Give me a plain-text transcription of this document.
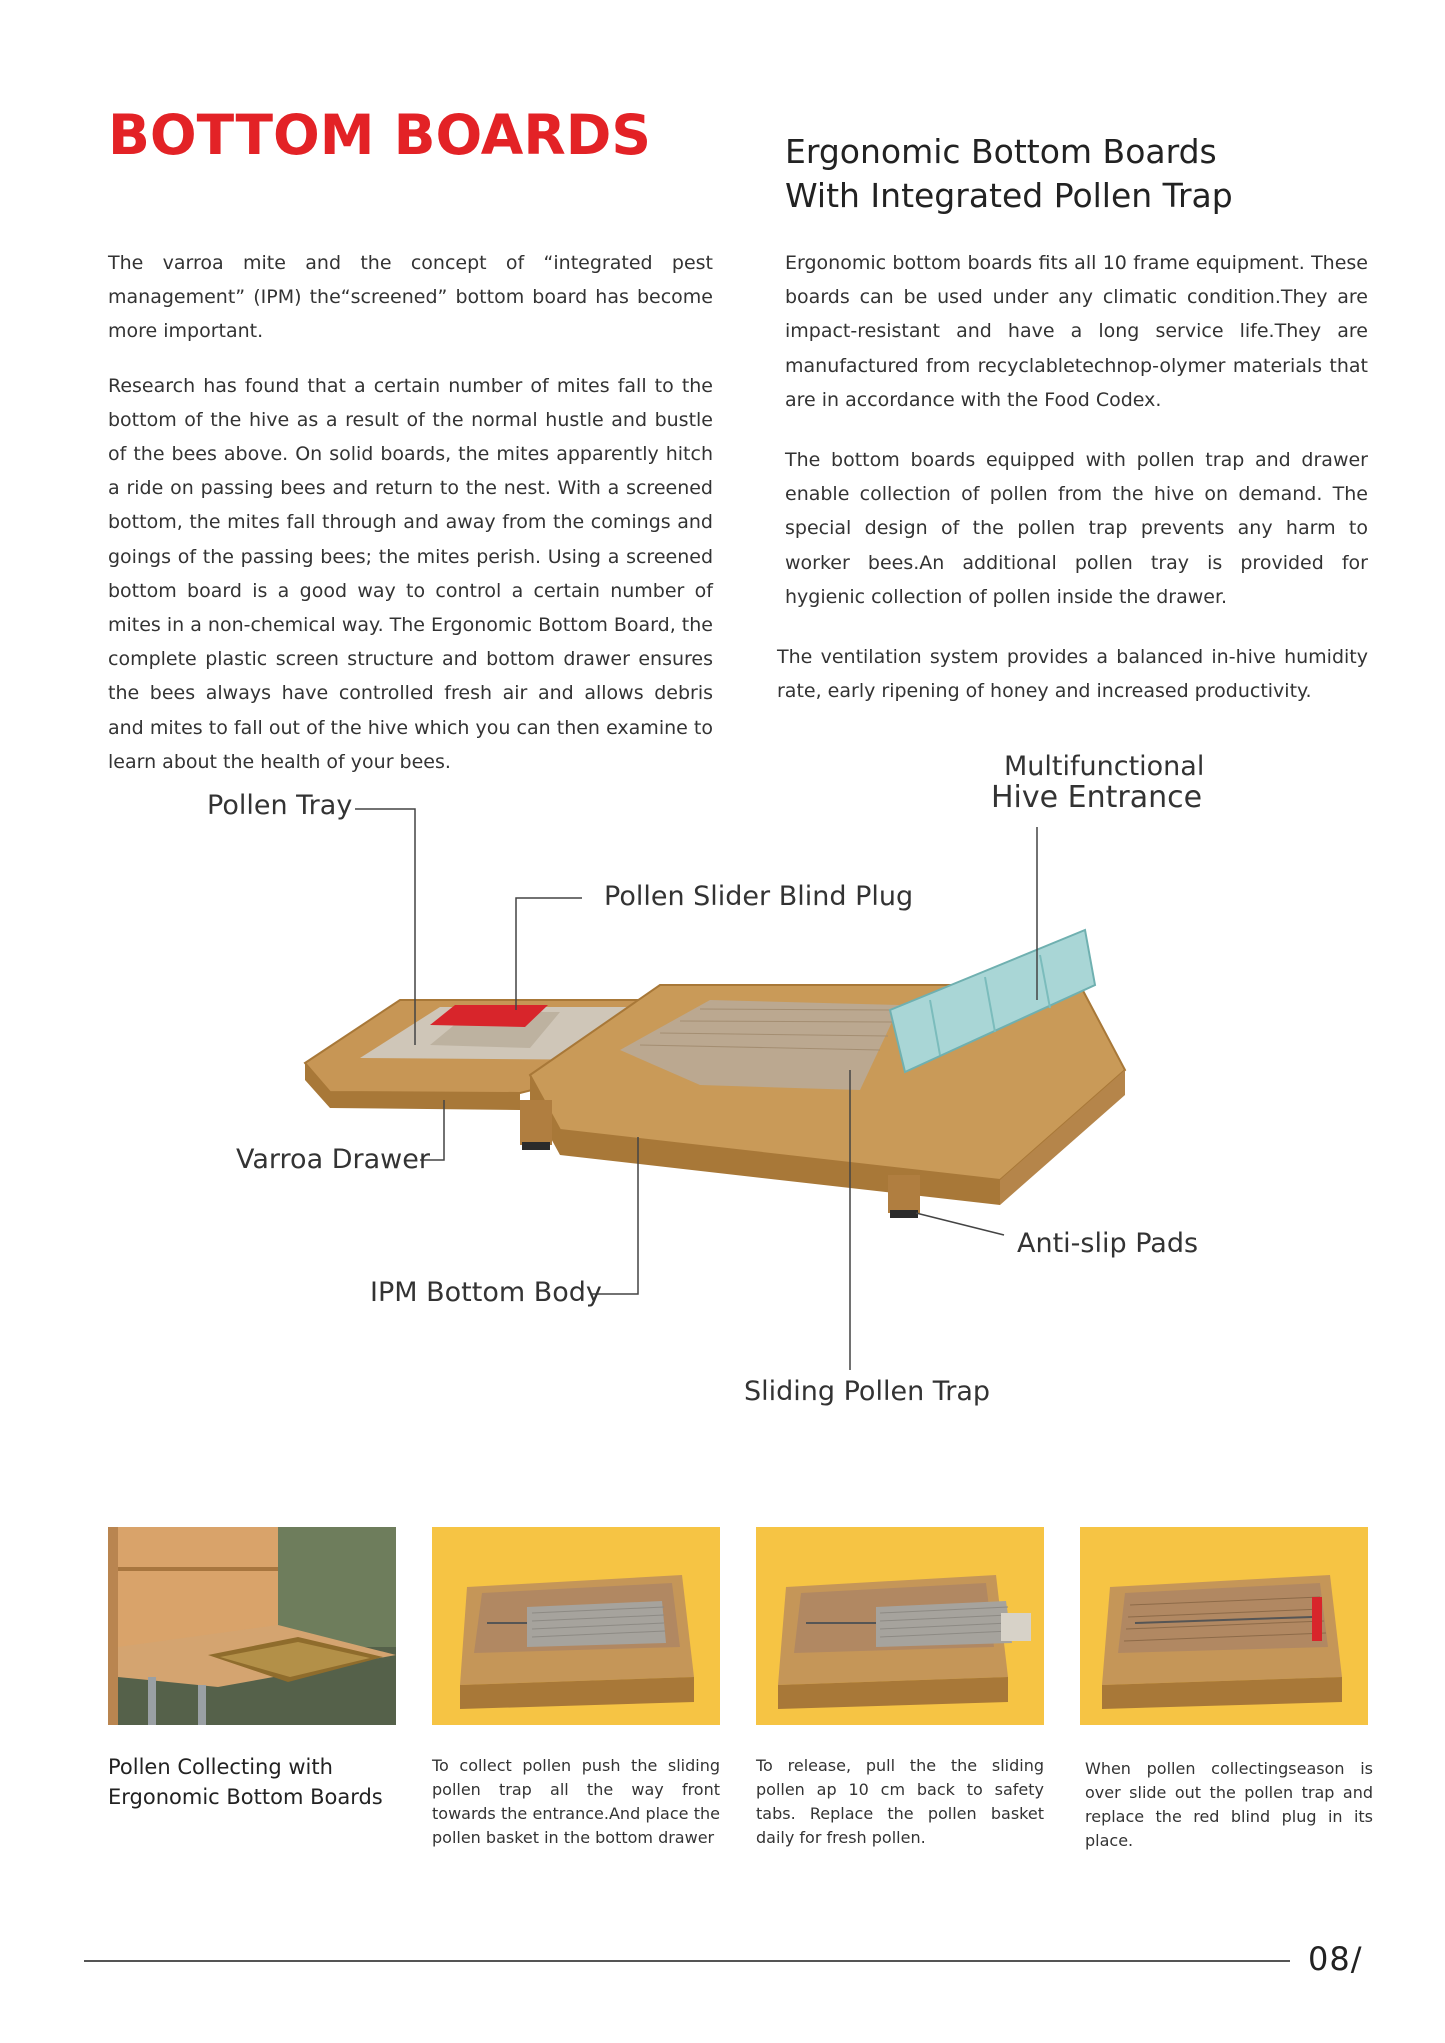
BOTTOM BOARDS	Ergonomic Bottom Boards
With Integrated Pollen Trap

The varroa mite and the concept of “integrated pest management” (IPM) the“screened” bottom board has become more important.

Research has found that a certain number of mites fall to the bottom of the hive as a result of the normal hustle and bustle of the bees above. On solid boards, the mites apparently hitch a ride on passing bees and return to the nest. With a screened bottom, the mites fall through and away from the comings and goings of the passing bees; the mites perish. Using a screened bottom board is a good way to control a certain number of mites in a non-chemical way. The Ergonomic Bottom Board, the complete plastic screen structure and bottom drawer ensures the bees always have controlled fresh air and allows debris and mites to fall out of the hive which you can then examine to learn about the health of your bees.

Ergonomic bottom boards fits all 10 frame equipment. These boards can be used under any climatic condition.They are impact-resistant and have a long service life.They are manufactured from recyclabletechnop-olymer materials that are in accordance with the Food Codex.

The bottom boards equipped with pollen trap and drawer enable collection of pollen from the hive on demand. The special design of the pollen trap prevents any harm to worker bees.An additional pollen tray is provided for hygienic collection of pollen inside the drawer.

The ventilation system provides a balanced in-hive humidity rate, early ripening of honey and increased productivity.

Pollen Tray
Multifunctional
Hive Entrance
Pollen Slider Blind Plug
Varroa Drawer
Anti-slip Pads
IPM Bottom Body
Sliding Pollen Trap
Pollen Collecting with Ergonomic Bottom Boards
To collect pollen push the sliding pollen trap all the way front towards the entrance.And place the pollen basket in the bottom drawer
To release, pull the the sliding pollen ap 10 cm back to safety tabs. Replace the pollen basket daily for fresh pollen.
When pollen collectingseason is over slide out the pollen trap and replace the red blind plug in its place.
08/
